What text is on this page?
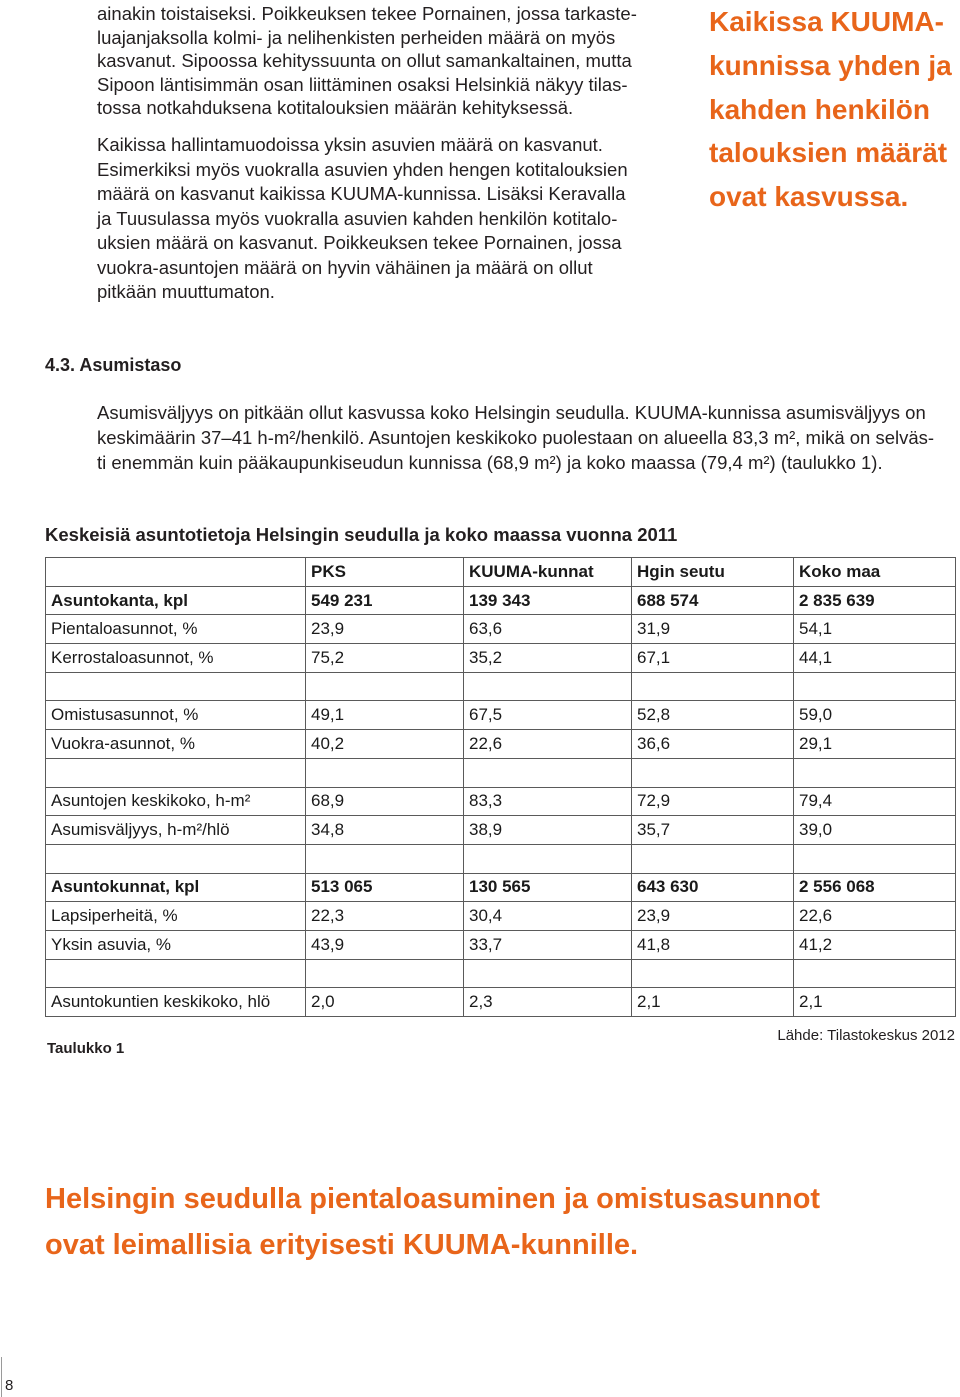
ainakin toistaiseksi. Poikkeuksen tekee Pornainen, jossa tarkaste-
luajanjaksolla kolmi- ja nelihenkisten perheiden määrä on myös
kasvanut. Sipoossa kehityssuunta on ollut samankaltainen, mutta
Sipoon läntisimmän osan liittäminen osaksi Helsinkiä näkyy tilas-
tossa notkahduksena kotitalouksien määrän kehityksessä.
Kaikissa hallintamuodoissa yksin asuvien määrä on kasvanut.
Esimerkiksi myös vuokralla asuvien yhden hengen kotitalouksien
määrä on kasvanut kaikissa KUUMA-kunnissa. Lisäksi Keravalla
ja Tuusulassa myös vuokralla asuvien kahden henkilön kotitalo-
uksien määrä on kasvanut. Poikkeuksen tekee Pornainen, jossa
vuokra-asuntojen määrä on hyvin vähäinen ja määrä on ollut
pitkään muuttumaton.
Kaikissa KUUMA-
kunnissa yhden ja
kahden henkilön
talouksien määrät
ovat kasvussa.
4.3. Asumistaso
Asumisväljyys on pitkään ollut kasvussa koko Helsingin seudulla. KUUMA-kunnissa asumisväljyys on
keskimäärin 37–41 h-m²/henkilö. Asuntojen keskikoko puolestaan on alueella 83,3 m², mikä on selväs-
ti enemmän kuin pääkaupunkiseudun kunnissa (68,9 m²) ja koko maassa (79,4 m²) (taulukko 1).
Keskeisiä asuntotietoja Helsingin seudulla ja koko maassa vuonna 2011
	PKS	KUUMA-kunnat	Hgin seutu	Koko maa
Asuntokanta, kpl	549 231	139 343	688 574	2 835 639
Pientaloasunnot, %	23,9	63,6	31,9	54,1
Kerrostaloasunnot, %	75,2	35,2	67,1	44,1

Omistusasunnot, %	49,1	67,5	52,8	59,0
Vuokra-asunnot, %	40,2	22,6	36,6	29,1

Asuntojen keskikoko, h-m²	68,9	83,3	72,9	79,4
Asumisväljyys, h-m²/hlö	34,8	38,9	35,7	39,0

Asuntokunnat, kpl	513 065	130 565	643 630	2 556 068
Lapsiperheitä, %	22,3	30,4	23,9	22,6
Yksin asuvia, %	43,9	33,7	41,8	41,2

Asuntokuntien keskikoko, hlö	2,0	2,3	2,1	2,1
Lähde: Tilastokeskus 2012
Taulukko 1
Helsingin seudulla pientaloasuminen ja omistusasunnot
ovat leimallisia erityisesti KUUMA-kunnille.
8
